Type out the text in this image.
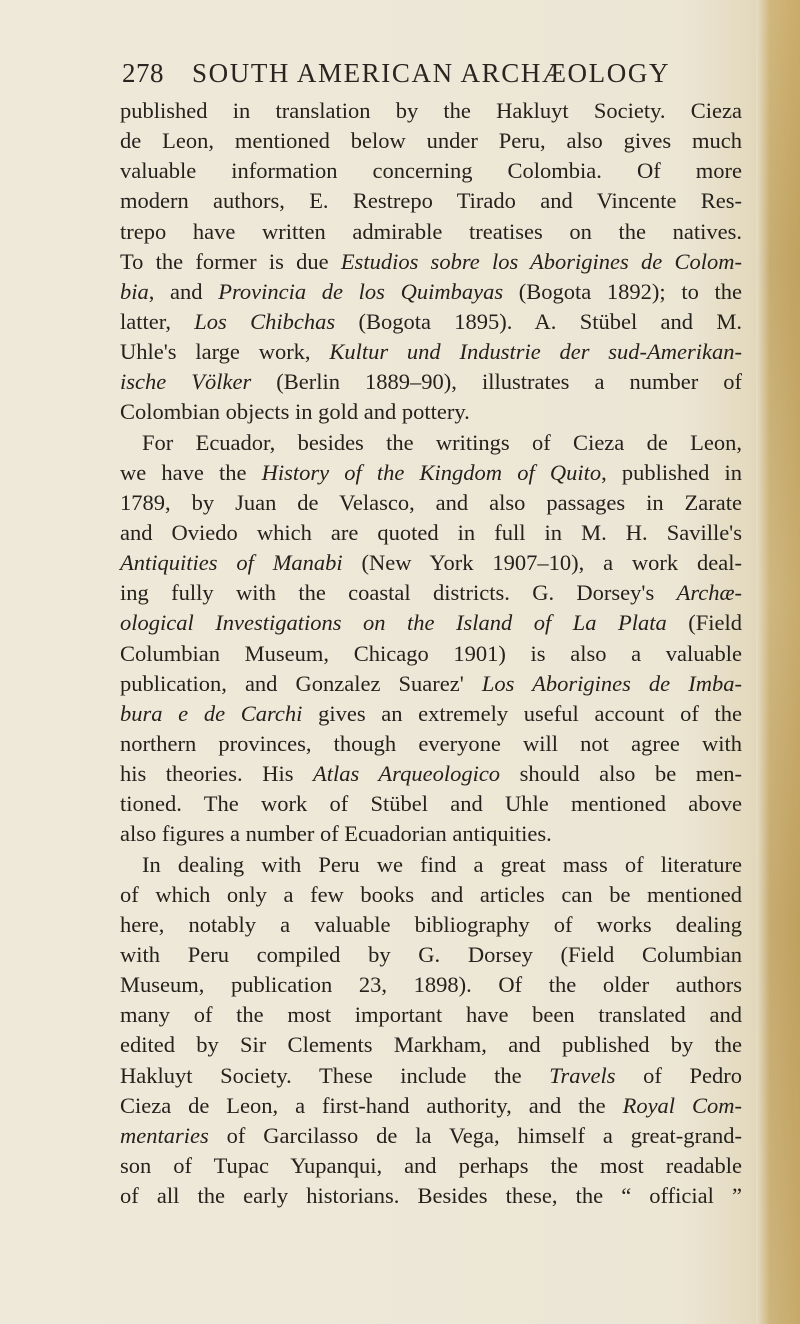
278 SOUTH AMERICAN ARCHÆOLOGY
published in translation by the Hakluyt Society. Cieza
de Leon, mentioned below under Peru, also gives much
valuable information concerning Colombia. Of more
modern authors, E. Restrepo Tirado and Vincente Res-
trepo have written admirable treatises on the natives.
To the former is due Estudios sobre los Aborigines de Colom-
bia, and Provincia de los Quimbayas (Bogota 1892); to the
latter, Los Chibchas (Bogota 1895). A. Stübel and M.
Uhle's large work, Kultur und Industrie der sud-Amerikan-
ische Völker (Berlin 1889–90), illustrates a number of
Colombian objects in gold and pottery.
For Ecuador, besides the writings of Cieza de Leon,
we have the History of the Kingdom of Quito, published in
1789, by Juan de Velasco, and also passages in Zarate
and Oviedo which are quoted in full in M. H. Saville's
Antiquities of Manabi (New York 1907–10), a work deal-
ing fully with the coastal districts. G. Dorsey's Archæ-
ological Investigations on the Island of La Plata (Field
Columbian Museum, Chicago 1901) is also a valuable
publication, and Gonzalez Suarez' Los Aborigines de Imba-
bura e de Carchi gives an extremely useful account of the
northern provinces, though everyone will not agree with
his theories. His Atlas Arqueologico should also be men-
tioned. The work of Stübel and Uhle mentioned above
also figures a number of Ecuadorian antiquities.
In dealing with Peru we find a great mass of literature
of which only a few books and articles can be mentioned
here, notably a valuable bibliography of works dealing
with Peru compiled by G. Dorsey (Field Columbian
Museum, publication 23, 1898). Of the older authors
many of the most important have been translated and
edited by Sir Clements Markham, and published by the
Hakluyt Society. These include the Travels of Pedro
Cieza de Leon, a first-hand authority, and the Royal Com-
mentaries of Garcilasso de la Vega, himself a great-grand-
son of Tupac Yupanqui, and perhaps the most readable
of all the early historians. Besides these, the “ official ”
